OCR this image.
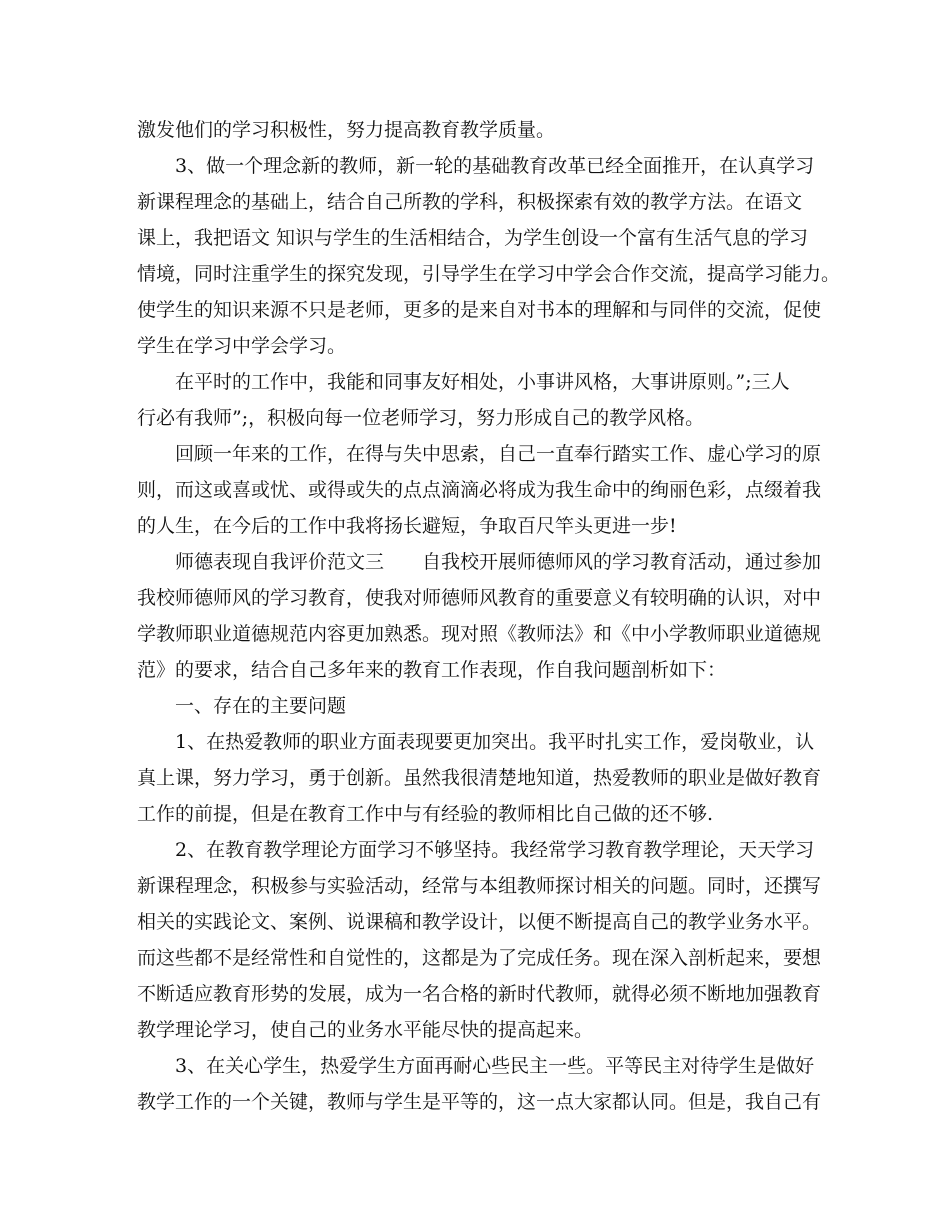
激发他们的学习积极性，努力提高教育教学质量。
3、做一个理念新的教师，新一轮的基础教育改革已经全面推开，在认真学习
新课程理念的基础上，结合自己所教的学科，积极探索有效的教学方法。在语文
课上，我把语文 知识与学生的生活相结合，为学生创设一个富有生活气息的学习
情境，同时注重学生的探究发现，引导学生在学习中学会合作交流，提高学习能力。
使学生的知识来源不只是老师，更多的是来自对书本的理解和与同伴的交流，促使
学生在学习中学会学习。
在平时的工作中，我能和同事友好相处，小事讲风格，大事讲原则。”;三人
行必有我师”;，积极向每一位老师学习，努力形成自己的教学风格。
回顾一年来的工作，在得与失中思索，自己一直奉行踏实工作、虚心学习的原
则，而这或喜或忧、或得或失的点点滴滴必将成为我生命中的绚丽色彩，点缀着我
的人生，在今后的工作中我将扬长避短，争取百尺竿头更进一步!
师德表现自我评价范文三　　自我校开展师德师风的学习教育活动，通过参加
我校师德师风的学习教育，使我对师德师风教育的重要意义有较明确的认识，对中
学教师职业道德规范内容更加熟悉。现对照《教师法》和《中小学教师职业道德规
范》的要求，结合自己多年来的教育工作表现，作自我问题剖析如下：
一、存在的主要问题
1、在热爱教师的职业方面表现要更加突出。我平时扎实工作，爱岗敬业，认
真上课，努力学习，勇于创新。虽然我很清楚地知道，热爱教师的职业是做好教育
工作的前提，但是在教育工作中与有经验的教师相比自己做的还不够.
2、在教育教学理论方面学习不够坚持。我经常学习教育教学理论，天天学习
新课程理念，积极参与实验活动，经常与本组教师探讨相关的问题。同时，还撰写
相关的实践论文、案例、说课稿和教学设计，以便不断提高自己的教学业务水平。
而这些都不是经常性和自觉性的，这都是为了完成任务。现在深入剖析起来，要想
不断适应教育形势的发展，成为一名合格的新时代教师，就得必须不断地加强教育
教学理论学习，使自己的业务水平能尽快的提高起来。
3、在关心学生，热爱学生方面再耐心些民主一些。平等民主对待学生是做好
教学工作的一个关键，教师与学生是平等的，这一点大家都认同。但是，我自己有
